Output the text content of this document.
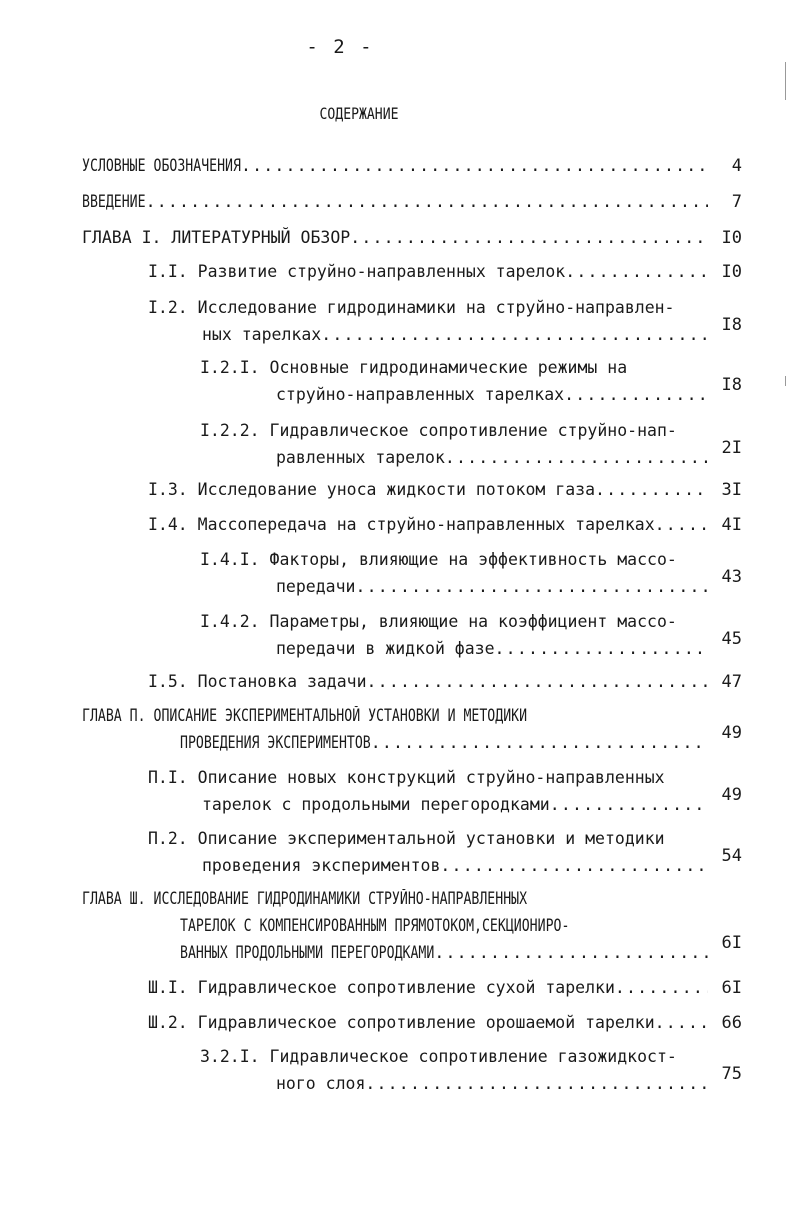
- 2 -
СОДЕРЖАНИЕ
УСЛОВНЫЕ ОБОЗНАЧЕНИЯ .....	4
ВВЕДЕНИЕ .....	7
ГЛАВА I. ЛИТЕРАТУРНЫЙ ОБЗОР .....	I0
I.I. Развитие струйно-направленных тарелок .....	I0
I.2. Исследование гидродинамики на струйно-направлен-
ных тарелках .....	I8
I.2.I. Основные гидродинамические режимы на
струйно-направленных тарелках .....	I8
I.2.2. Гидравлическое сопротивление струйно-нап-
равленных тарелок .....	2I
I.3. Исследование уноса жидкости потоком газа .....	3I
I.4. Массопередача на струйно-направленных тарелках .....	4I
I.4.I. Факторы, влияющие на эффективность массо-
передачи .....	43
I.4.2. Параметры, влияющие на коэффициент массо-
передачи в жидкой фазе .....	45
I.5. Постановка задачи .....	47
ГЛАВА П. ОПИСАНИЕ ЭКСПЕРИМЕНТАЛЬНОЙ УСТАНОВКИ И МЕТОДИКИ
ПРОВЕДЕНИЯ ЭКСПЕРИМЕНТОВ .....	49
П.I. Описание новых конструкций струйно-направленных
тарелок с продольными перегородками .....	49
П.2. Описание экспериментальной установки и методики
проведения экспериментов .....	54
ГЛАВА Ш. ИССЛЕДОВАНИЕ ГИДРОДИНАМИКИ СТРУЙНО-НАПРАВЛЕННЫХ
ТАРЕЛОК С КОМПЕНСИРОВАННЫМ ПРЯМОТОКОМ,СЕКЦИОНИРО-
ВАННЫХ ПРОДОЛЬНЫМИ ПЕРЕГОРОДКАМИ .....	6I
Ш.I. Гидравлическое сопротивление сухой тарелки .....	6I
Ш.2. Гидравлическое сопротивление орошаемой тарелки .....	66
3.2.I. Гидравлическое сопротивление газожидкост-
ного слоя .....	75
